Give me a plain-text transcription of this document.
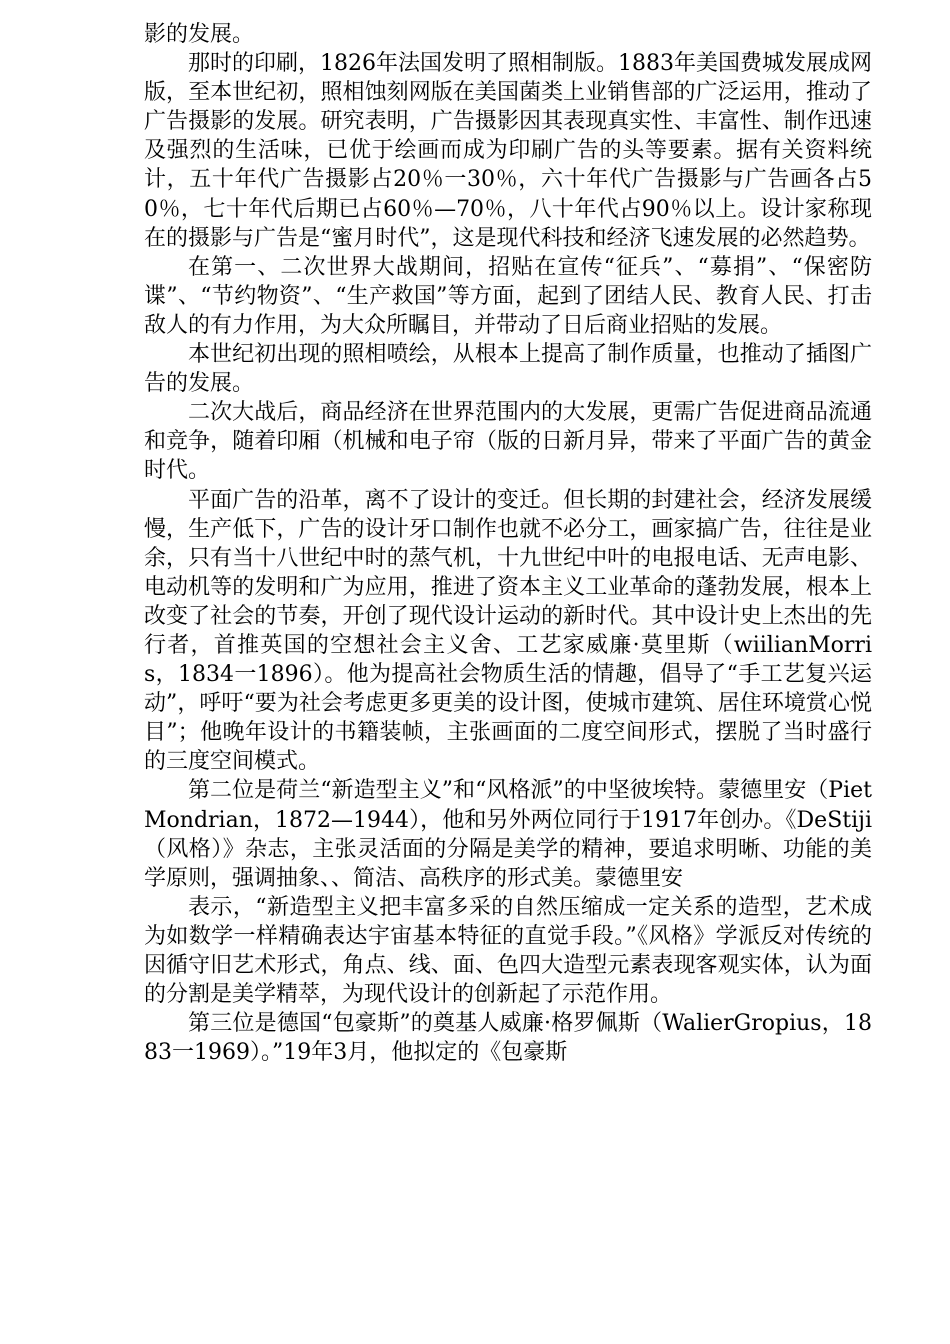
影的发展。

那时的印刷，1826年法国发明了照相制版。1883年美国费城发展成网版，至本世纪初，照相蚀刻网版在美国菌类上业销售部的广泛运用，推动了广告摄影的发展。研究表明，广告摄影因其表现真实性、丰富性、制作迅速及强烈的生活味，已优于绘画而成为印刷广告的头等要素。据有关资料统计，五十年代广告摄影占20％一30％，六十年代广告摄影与广告画各占50％，七十年代后期已占60％—70％，八十年代占90％以上。设计家称现在的摄影与广告是“蜜月时代”，这是现代科技和经济飞速发展的必然趋势。

在第一、二次世界大战期间，招贴在宣传“征兵”、“募捐”、“保密防谍”、“节约物资”、“生产救国”等方面，起到了团结人民、教育人民、打击敌人的有力作用，为大众所瞩目，并带动了日后商业招贴的发展。

本世纪初出现的照相喷绘，从根本上提高了制作质量，也推动了插图广告的发展。

二次大战后，商品经济在世界范围内的大发展，更需广告促进商品流通和竞争，随着印厢（机械和电子帘（版的日新月异，带来了平面广告的黄金时代。

平面广告的沿革，离不了设计的变迁。但长期的封建社会，经济发展缓慢，生产低下，广告的设计牙口制作也就不必分工，画家搞广告，往往是业余，只有当十八世纪中时的蒸气机，十九世纪中叶的电报电话、无声电影、电动机等的发明和广为应用，推进了资本主义工业革命的蓬勃发展，根本上改变了社会的节奏，开创了现代设计运动的新时代。其中设计史上杰出的先行者，首推英国的空想社会主义舍、工艺家威廉·莫里斯（wiilianMorris，1834一1896）。他为提高社会物质生活的情趣，倡导了“手工艺复兴运动”，呼吁“要为社会考虑更多更美的设计图，使城市建筑、居住环境赏心悦目”；他晚年设计的书籍装帧，主张画面的二度空间形式，摆脱了当时盛行的三度空间模式。

第二位是荷兰“新造型主义”和“风格派”的中坚彼埃特。蒙德里安（PietMondrian，1872—1944），他和另外两位同行于1917年创办。《DeStiji（风格）》杂志，主张灵活面的分隔是美学的精神，要追求明晰、功能的美学原则，强调抽象、、简洁、高秩序的形式美。蒙德里安

表示，“新造型主义把丰富多采的自然压缩成一定关系的造型，艺术成为如数学一样精确表达宇宙基本特征的直觉手段。”《风格》学派反对传统的因循守旧艺术形式，角点、线、面、色四大造型元素表现客观实体，认为面的分割是美学精萃，为现代设计的创新起了示范作用。

第三位是德国“包豪斯”的奠基人威廉·格罗佩斯（WalierGropius，1883一1969）。”19年3月，他拟定的《包豪斯
